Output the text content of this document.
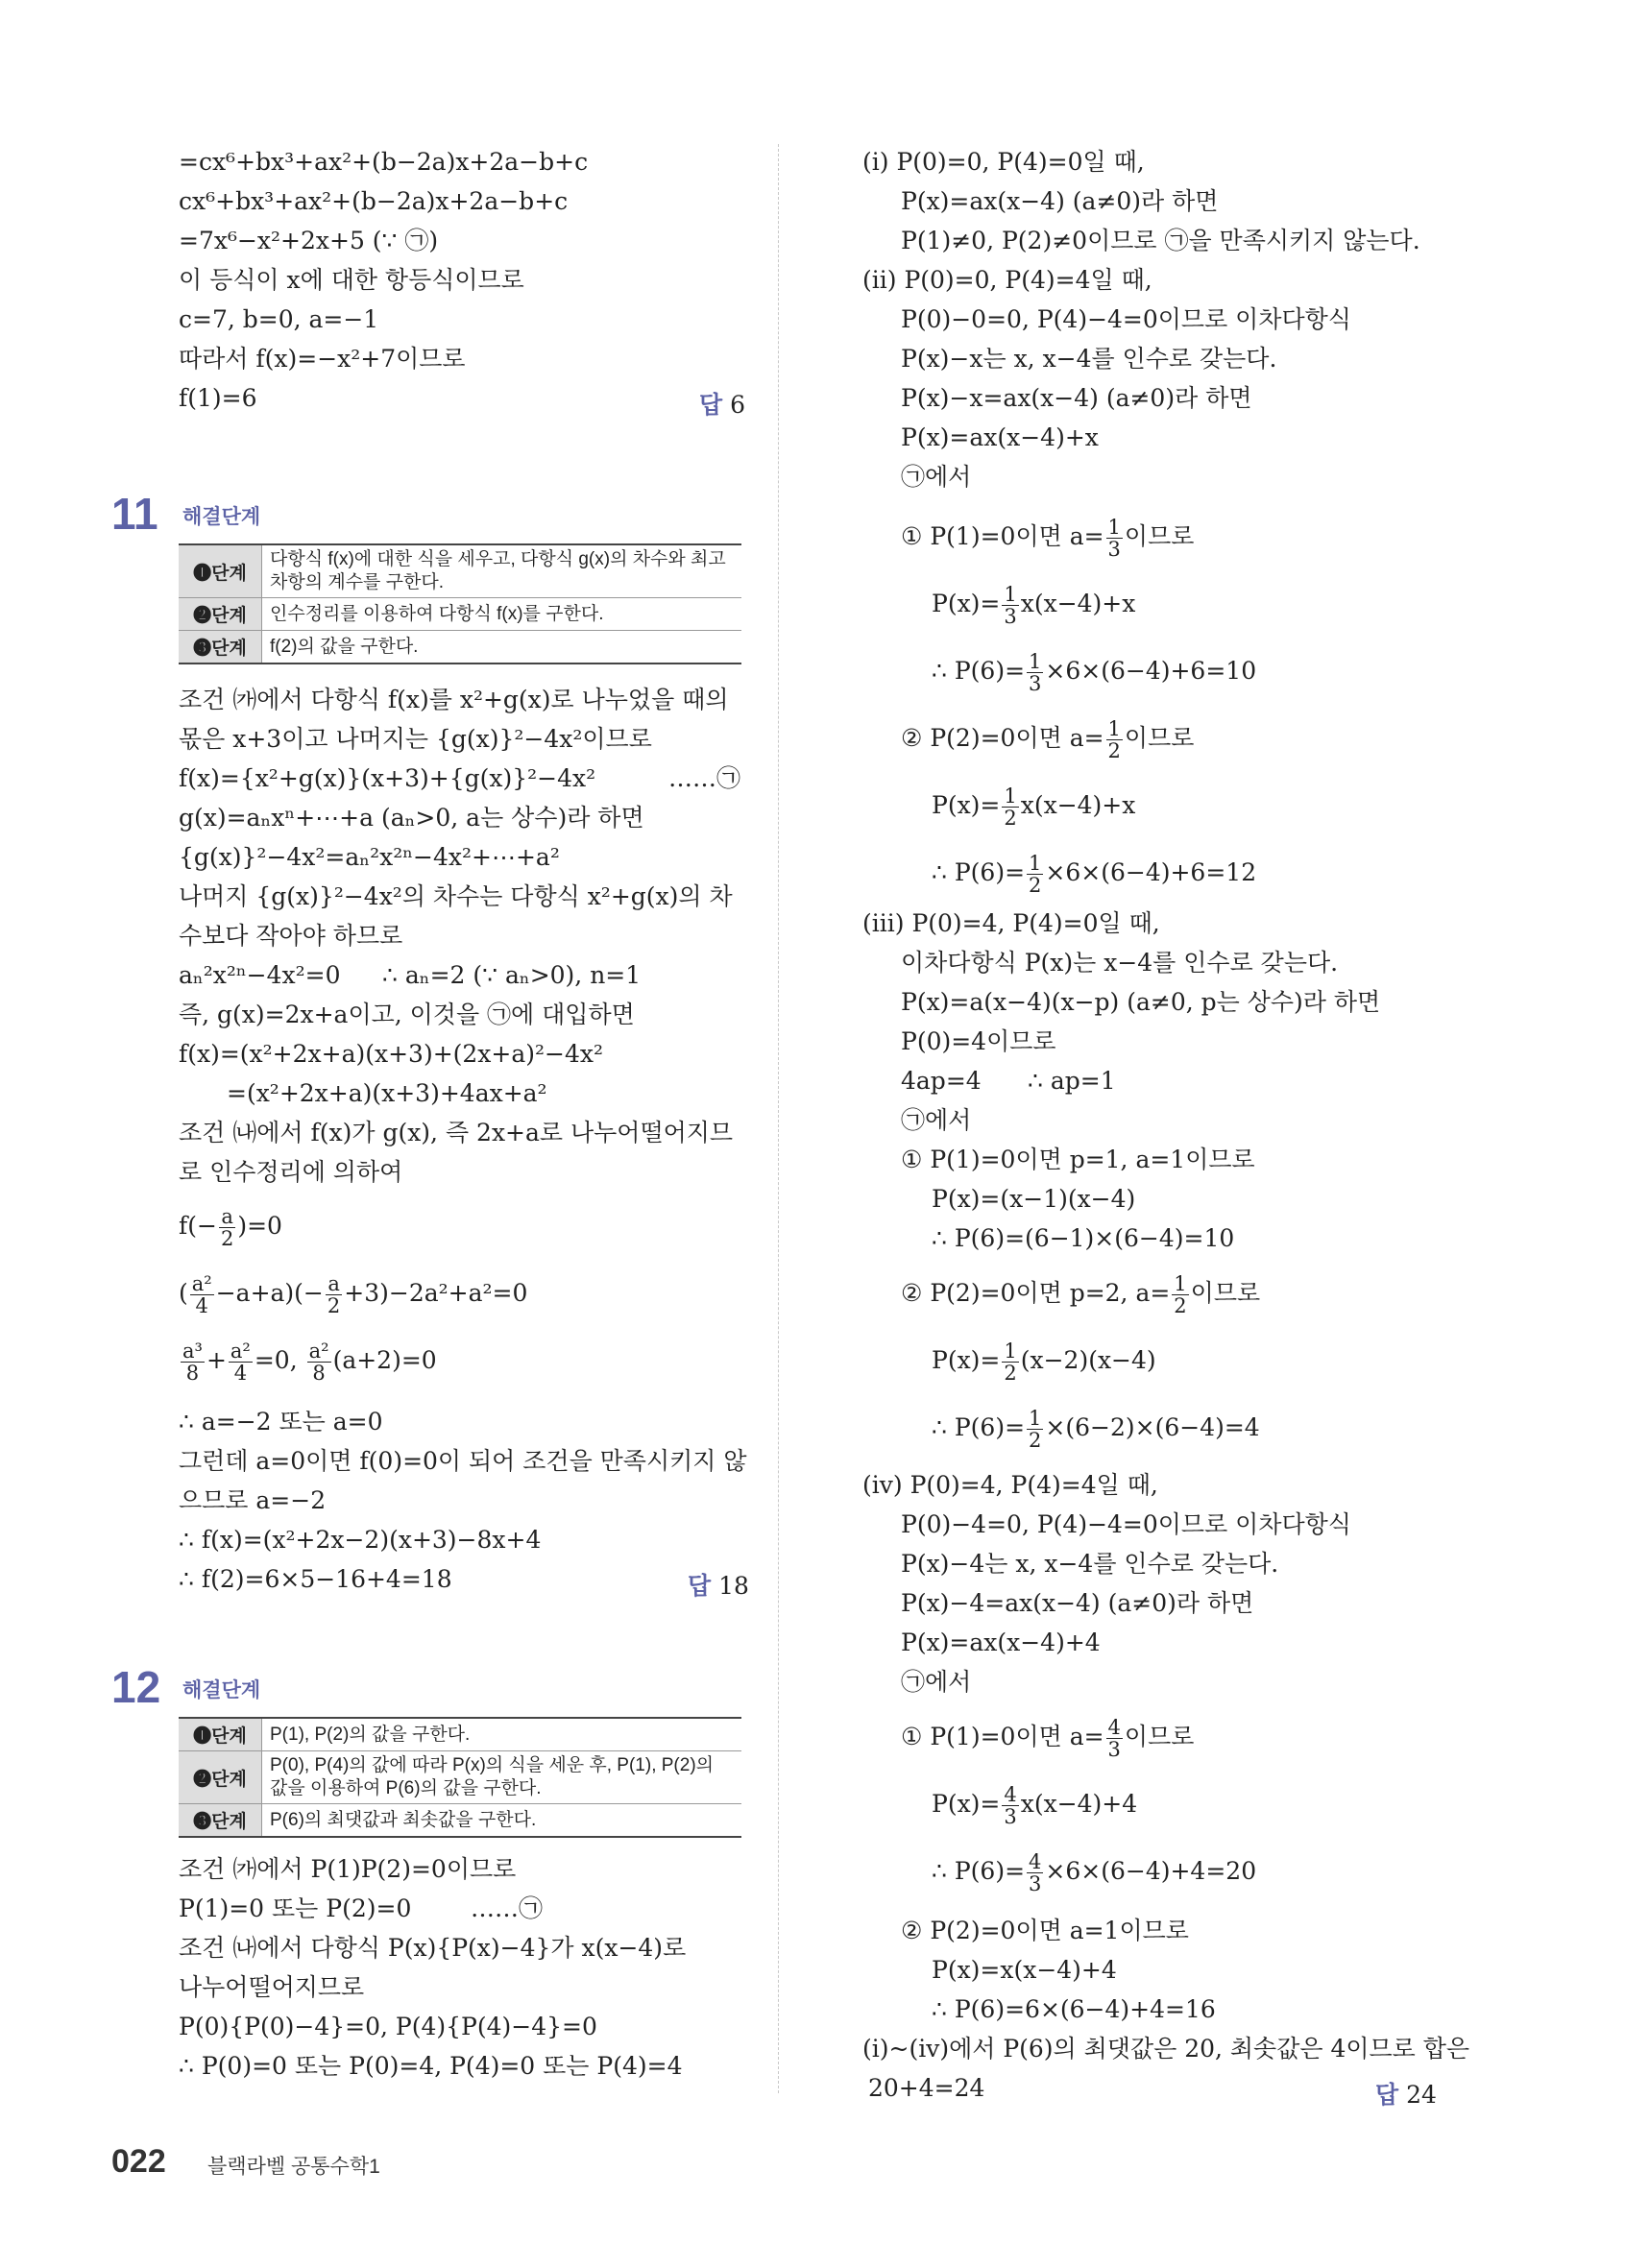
=cx⁶+bx³+ax²+(b−2a)x+2a−b+c
cx⁶+bx³+ax²+(b−2a)x+2a−b+c
=7x⁶−x²+2x+5 (∵ ㉠)
이 등식이 x에 대한 항등식이므로
c=7, b=0, a=−1
따라서 f(x)=−x²+7이므로
f(1)=6	답 6
11 해결단계
❶단계	다항식 f(x)에 대한 식을 세우고, 다항식 g(x)의 차수와 최고차항의 계수를 구한다.
❷단계	인수정리를 이용하여 다항식 f(x)를 구한다.
❸단계	f(2)의 값을 구한다.
조건 ㈎에서 다항식 f(x)를 x²+g(x)로 나누었을 때의
몫은 x+3이고 나머지는 {g(x)}²−4x²이므로
f(x)={x²+g(x)}(x+3)+{g(x)}²−4x²	……㉠
g(x)=aₙxⁿ+⋯+a (aₙ>0, a는 상수)라 하면
{g(x)}²−4x²=aₙ²x²ⁿ−4x²+⋯+a²
나머지 {g(x)}²−4x²의 차수는 다항식 x²+g(x)의 차
수보다 작아야 하므로
aₙ²x²ⁿ−4x²=0 ∴ aₙ=2 (∵ aₙ>0), n=1
즉, g(x)=2x+a이고, 이것을 ㉠에 대입하면
f(x)=(x²+2x+a)(x+3)+(2x+a)²−4x²
=(x²+2x+a)(x+3)+4ax+a²
조건 ㈏에서 f(x)가 g(x), 즉 2x+a로 나누어떨어지므
로 인수정리에 의하여
$f(- \frac{a}{2} )=0$
( $\frac{\text{a²}}{4} -a+a)(- \frac{a}{2} +3)-2a^2+a^2=0$
$\frac{\text{a³}}{8} + \frac{\text{a²}}{4} =0$, $\frac{\text{a²}}{8} (a+2)=0$
∴ a=−2 또는 a=0
그런데 a=0이면 f(0)=0이 되어 조건을 만족시키지 않
으므로 a=−2
∴ f(x)=(x²+2x−2)(x+3)−8x+4
∴ f(2)=6×5−16+4=18	답 18
12 해결단계
❶단계	P(1), P(2)의 값을 구한다.
❷단계	P(0), P(4)의 값에 따라 P(x)의 식을 세운 후, P(1), P(2)의 값을 이용하여 P(6)의 값을 구한다.
❸단계	P(6)의 최댓값과 최솟값을 구한다.
조건 ㈎에서 P(1)P(2)=0이므로
P(1)=0 또는 P(2)=0 ……㉠
조건 ㈏에서 다항식 P(x){P(x)−4}가 x(x−4)로
나누어떨어지므로
P(0){P(0)−4}=0, P(4){P(4)−4}=0
∴ P(0)=0 또는 P(0)=4, P(4)=0 또는 P(4)=4
(ⅰ) P(0)=0, P(4)=0일 때,
P(x)=ax(x−4) (a≠0)라 하면
P(1)≠0, P(2)≠0이므로 ㉠을 만족시키지 않는다.
(ⅱ) P(0)=0, P(4)=4일 때,
P(0)−0=0, P(4)−4=0이므로 이차다항식
P(x)−x는 x, x−4를 인수로 갖는다.
P(x)−x=ax(x−4) (a≠0)라 하면
P(x)=ax(x−4)+x
㉠에서
① P(1)=0이면 $a= \frac{1}{3}$ 이므로
$P(x)= \frac{1}{3} x(x-4)+x$
∴ $P(6)= \frac{1}{3} \times 6\times(6-4)+6=10$
② P(2)=0이면 $a= \frac{1}{2}$ 이므로
$P(x)= \frac{1}{2} x(x-4)+x$
∴ $P(6)= \frac{1}{2} \times 6\times(6-4)+6=12$
(ⅲ) P(0)=4, P(4)=0일 때,
이차다항식 P(x)는 x−4를 인수로 갖는다.
P(x)=a(x−4)(x−p) (a≠0, p는 상수)라 하면
P(0)=4이므로
4ap=4 ∴ ap=1
㉠에서
① P(1)=0이면 p=1, a=1이므로
P(x)=(x−1)(x−4)
∴ P(6)=(6−1)×(6−4)=10
② P(2)=0이면 p=2, $a= \frac{1}{2}$ 이므로
$P(x)= \frac{1}{2} (x-2)(x-4)$
∴ $P(6)= \frac{1}{2} \times(6-2)\times(6-4)=4$
(ⅳ) P(0)=4, P(4)=4일 때,
P(0)−4=0, P(4)−4=0이므로 이차다항식
P(x)−4는 x, x−4를 인수로 갖는다.
P(x)−4=ax(x−4) (a≠0)라 하면
P(x)=ax(x−4)+4
㉠에서
① P(1)=0이면 $a= \frac{4}{3}$ 이므로
$P(x)= \frac{4}{3} x(x-4)+4$
∴ $P(6)= \frac{4}{3} \times 6\times(6-4)+4=20$
② P(2)=0이면 a=1이므로
P(x)=x(x−4)+4
∴ P(6)=6×(6−4)+4=16
(ⅰ)~(ⅳ)에서 P(6)의 최댓값은 20, 최솟값은 4이므로 합은
20+4=24	답 24
022 블랙라벨 공통수학1
